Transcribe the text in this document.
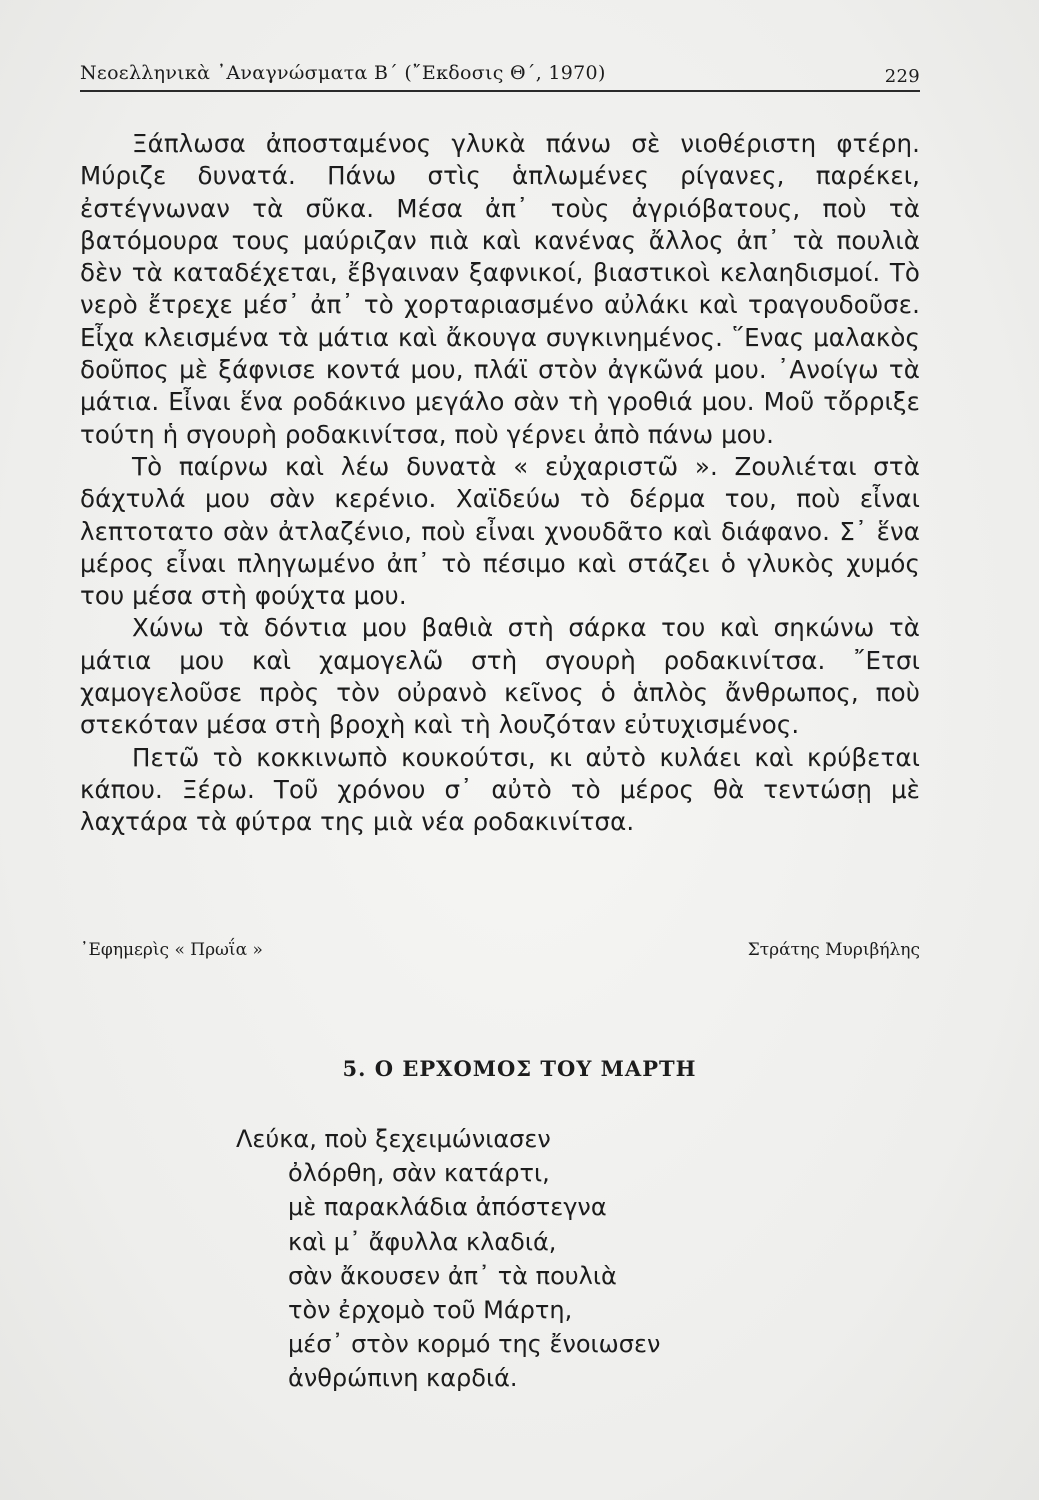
Νεοελληνικὰ ᾿Αναγνώσματα Β΄ (῎Εκδοσις Θ΄, 1970)	229

Ξάπλωσα ἀποσταμένος γλυκὰ πάνω σὲ νιοθέριστη φτέρη. Μύριζε δυνατά. Πάνω στὶς ἁπλωμένες ρίγανες, παρέκει, ἐστέγνωναν τὰ σῦκα. Μέσα ἀπ᾿ τοὺς ἀγριόβατους, ποὺ τὰ βατόμουρα τους μαύριζαν πιὰ καὶ κανένας ἄλλος ἀπ᾿ τὰ πουλιὰ δὲν τὰ καταδέχεται, ἔβγαιναν ξαφνικοί, βιαστικοὶ κελαηδισμοί. Τὸ νερὸ ἔτρεχε μέσ᾿ ἀπ᾿ τὸ χορταριασμένο αὐλάκι καὶ τραγουδοῦσε. Εἶχα κλεισμένα τὰ μάτια καὶ ἄκουγα συγκινημένος. ῞Ενας μαλακὸς δοῦπος μὲ ξάφνισε κοντά μου, πλάϊ στὸν ἀγκῶνά μου. ᾿Ανοίγω τὰ μάτια. Εἶναι ἕνα ροδάκινο μεγάλο σὰν τὴ γροθιά μου. Μοῦ τὄρριξε τούτη ἡ σγουρὴ ροδακινίτσα, ποὺ γέρνει ἀπὸ πάνω μου.

Τὸ παίρνω καὶ λέω δυνατὰ « εὐχαριστῶ ». Ζουλιέται στὰ δάχτυλά μου σὰν κερένιο. Χαϊδεύω τὸ δέρμα του, ποὺ εἶναι λεπτοτατο σὰν ἀτλαζένιο, ποὺ εἶναι χνουδᾶτο καὶ διάφανο. Σ᾿ ἕνα μέρος εἶναι πληγωμένο ἀπ᾿ τὸ πέσιμο καὶ στάζει ὁ γλυκὸς χυμός του μέσα στὴ φούχτα μου.

Χώνω τὰ δόντια μου βαθιὰ στὴ σάρκα του καὶ σηκώνω τὰ μάτια μου καὶ χαμογελῶ στὴ σγουρὴ ροδακινίτσα. ῎Ετσι χαμογελοῦσε πρὸς τὸν οὐρανὸ κεῖνος ὁ ἁπλὸς ἄνθρωπος, ποὺ στεκόταν μέσα στὴ βροχὴ καὶ τὴ λουζόταν εὐτυχισμένος.

Πετῶ τὸ κοκκινωπὸ κουκούτσι, κι αὐτὸ κυλάει καὶ κρύβεται κάπου. Ξέρω. Τοῦ χρόνου σ᾿ αὐτὸ τὸ μέρος θὰ τεντώσῃ μὲ λαχτάρα τὰ φύτρα της μιὰ νέα ροδακινίτσα.

᾿Εφημερὶς « Πρωΐα »	Στράτης Μυριβήλης
5. Ο ΕΡΧΟΜΟΣ ΤΟΥ ΜΑΡΤΗ
Λεύκα, ποὺ ξεχειμώνιασεν
ὀλόρθη, σὰν κατάρτι,
μὲ παρακλάδια ἀπόστεγνα
καὶ μ᾿ ἄφυλλα κλαδιά,
σὰν ἄκουσεν ἀπ᾿ τὰ πουλιὰ
τὸν ἐρχομὸ τοῦ Μάρτη,
μέσ᾿ στὸν κορμό της ἔνοιωσεν
ἀνθρώπινη καρδιά.
